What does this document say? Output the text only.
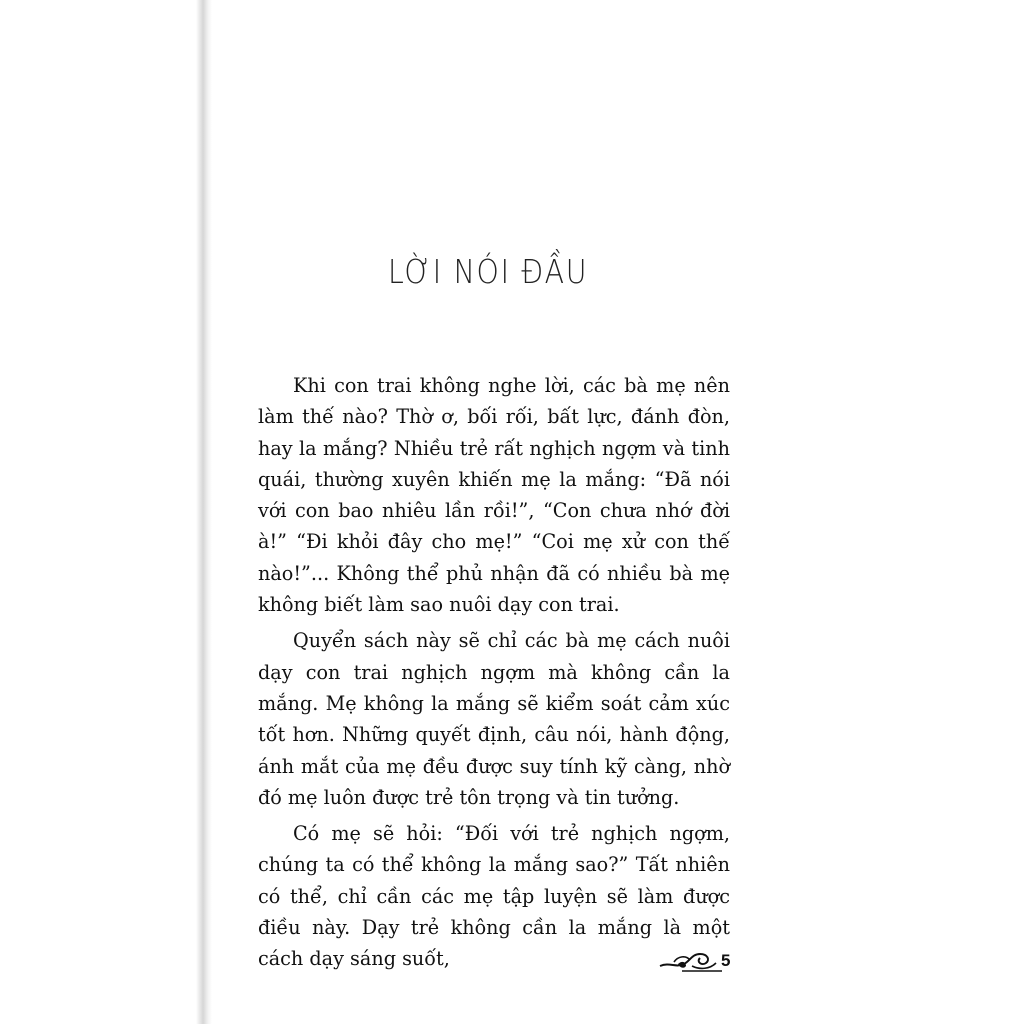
LỜI NÓI ĐẦU

Khi con trai không nghe lời, các bà mẹ nên làm thế nào? Thờ ơ, bối rối, bất lực, đánh đòn, hay la mắng? Nhiều trẻ rất nghịch ngợm và tinh quái, thường xuyên khiến mẹ la mắng: “Đã nói với con bao nhiêu lần rồi!”, “Con chưa nhớ đời à!” “Đi khỏi đây cho mẹ!” “Coi mẹ xử con thế nào!”... Không thể phủ nhận đã có nhiều bà mẹ không biết làm sao nuôi dạy con trai.

Quyển sách này sẽ chỉ các bà mẹ cách nuôi dạy con trai nghịch ngợm mà không cần la mắng. Mẹ không la mắng sẽ kiểm soát cảm xúc tốt hơn. Những quyết định, câu nói, hành động, ánh mắt của mẹ đều được suy tính kỹ càng, nhờ đó mẹ luôn được trẻ tôn trọng và tin tưởng.

Có mẹ sẽ hỏi: “Đối với trẻ nghịch ngợm, chúng ta có thể không la mắng sao?” Tất nhiên có thể, chỉ cần các mẹ tập luyện sẽ làm được điều này. Dạy trẻ không cần la mắng là một cách dạy sáng suốt,	5
